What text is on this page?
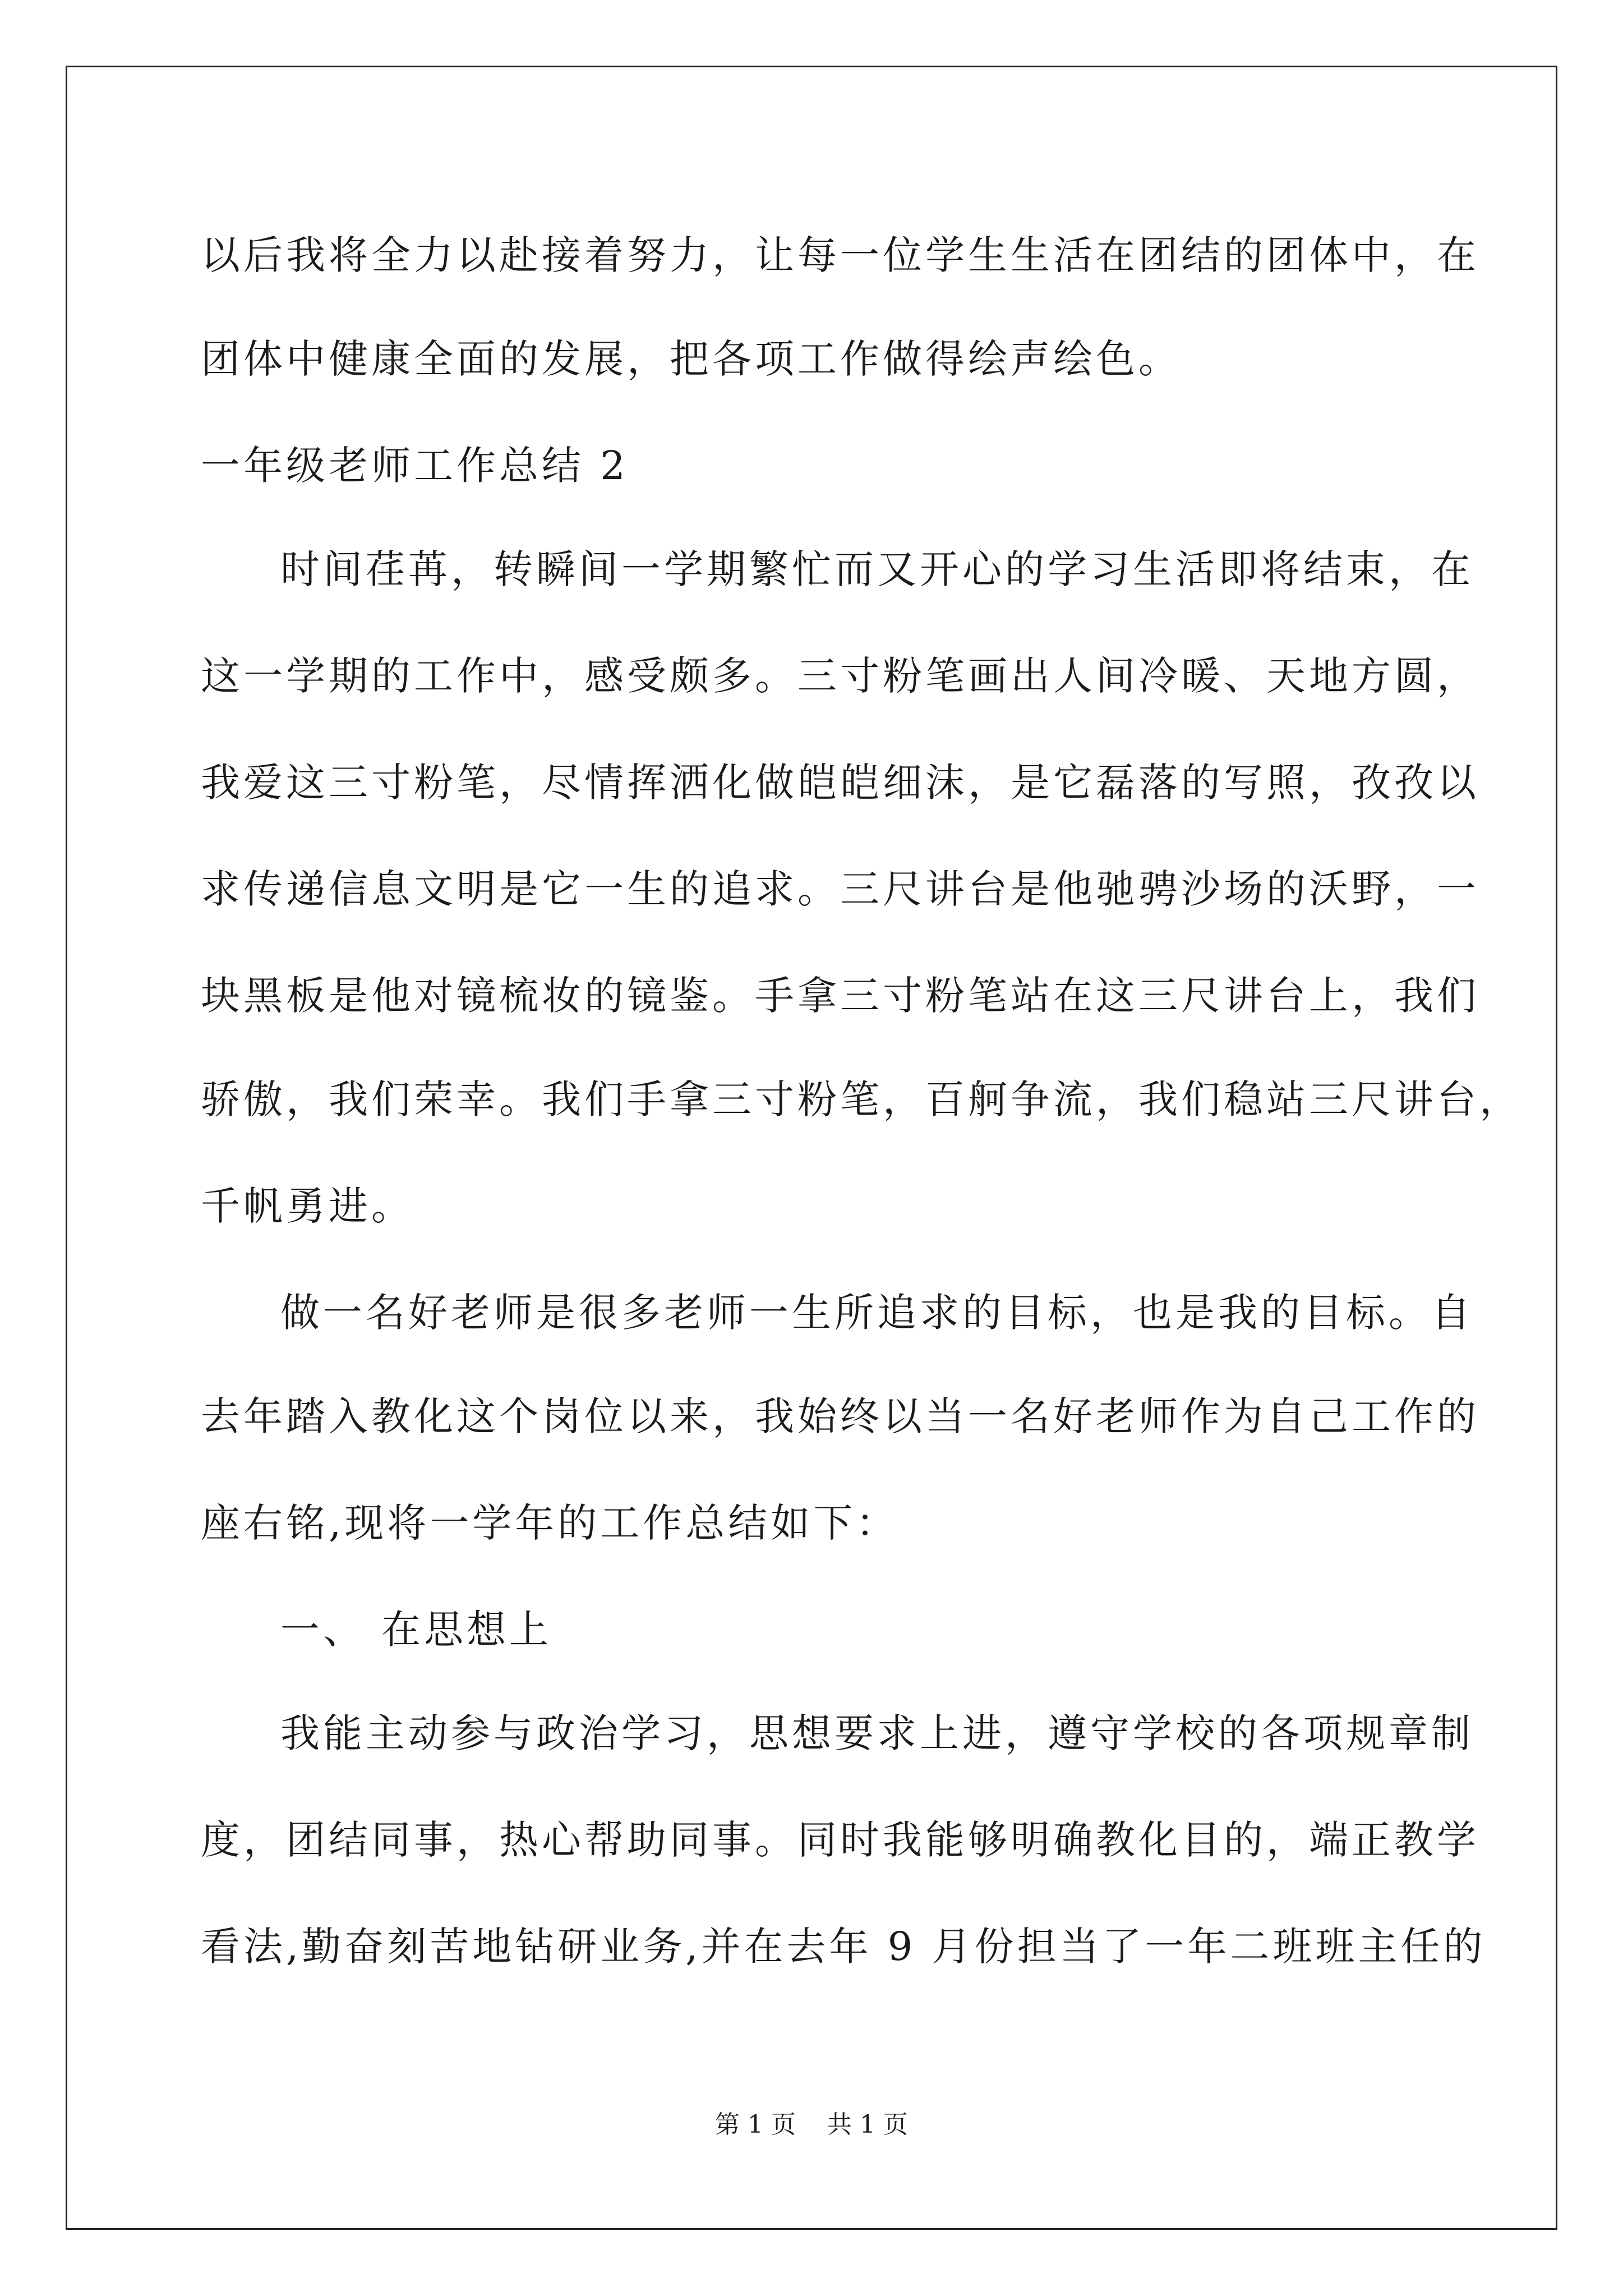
以后我将全力以赴接着努力，让每一位学生生活在团结的团体中，在
团体中健康全面的发展，把各项工作做得绘声绘色。
一年级老师工作总结 2
时间荏苒，转瞬间一学期繁忙而又开心的学习生活即将结束，在
这一学期的工作中，感受颇多。三寸粉笔画出人间冷暖、天地方圆，
我爱这三寸粉笔，尽情挥洒化做皑皑细沫，是它磊落的写照，孜孜以
求传递信息文明是它一生的追求。三尺讲台是他驰骋沙场的沃野，一
块黑板是他对镜梳妆的镜鉴。手拿三寸粉笔站在这三尺讲台上，我们
骄傲，我们荣幸。我们手拿三寸粉笔，百舸争流，我们稳站三尺讲台，
千帆勇进。
做一名好老师是很多老师一生所追求的目标，也是我的目标。自
去年踏入教化这个岗位以来，我始终以当一名好老师作为自己工作的
座右铭,现将一学年的工作总结如下：
一、 在思想上
我能主动参与政治学习，思想要求上进，遵守学校的各项规章制
度，团结同事，热心帮助同事。同时我能够明确教化目的，端正教学
看法,勤奋刻苦地钻研业务,并在去年 9 月份担当了一年二班班主任的
第 1 页    共 1 页
